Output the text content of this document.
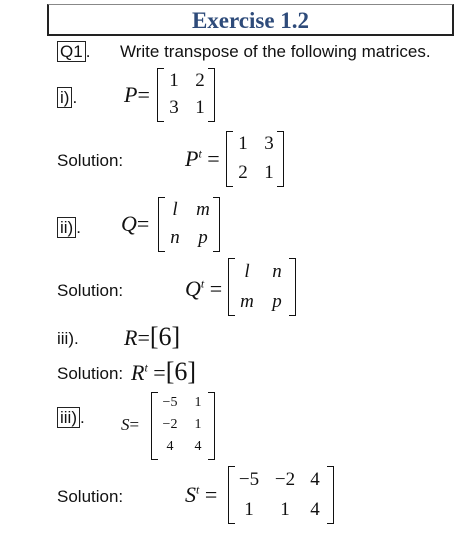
Exercise 1.2
Q1 . Write transpose of the following matrices.
i) . P=
1 2
3 1
Solution:	$P^t$ =
1 3
2 1
ii) . Q=
l m
n p
Solution:	$Q^t$ =
l	n
m p
iii). R=[6]
Solution: $R^t =[6]$
iii) . S=
−5	1
−2	1
4	4
Solution:	$S^t$ =
−5 −2 4
1	1	4
